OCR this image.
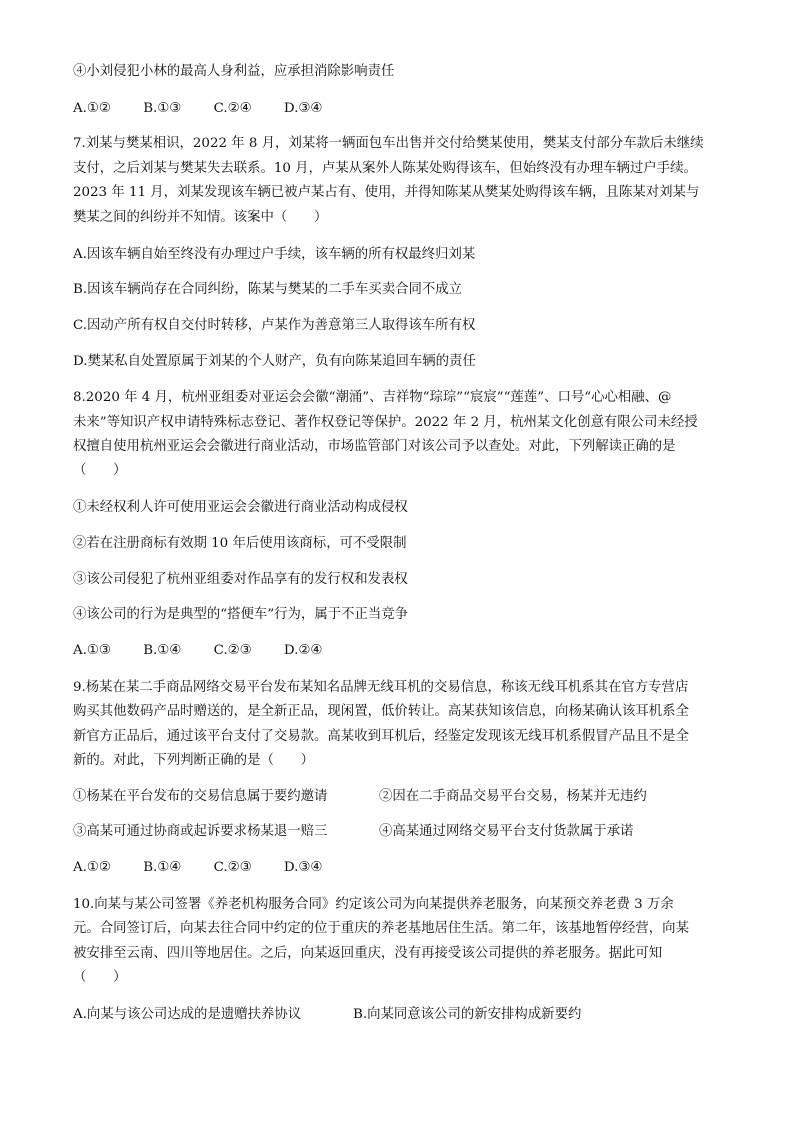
④小刘侵犯小林的最高人身利益，应承担消除影响责任
A.①② B.①③ C.②④ D.③④
7.刘某与樊某相识，2022 年 8 月，刘某将一辆面包车出售并交付给樊某使用，樊某支付部分车款后未继续
支付，之后刘某与樊某失去联系。10 月，卢某从案外人陈某处购得该车，但始终没有办理车辆过户手续。
2023 年 11 月，刘某发现该车辆已被卢某占有、使用，并得知陈某从樊某处购得该车辆，且陈某对刘某与
樊某之间的纠纷并不知情。该案中（　　）
A.因该车辆自始至终没有办理过户手续，该车辆的所有权最终归刘某
B.因该车辆尚存在合同纠纷，陈某与樊某的二手车买卖合同不成立
C.因动产所有权自交付时转移，卢某作为善意第三人取得该车所有权
D.樊某私自处置原属于刘某的个人财产，负有向陈某追回车辆的责任
8.2020 年 4 月，杭州亚组委对亚运会会徽“潮涌”、吉祥物“琮琮”“宸宸”“莲莲”、口号“心心相融、@
未来”等知识产权申请特殊标志登记、著作权登记等保护。2022 年 2 月，杭州某文化创意有限公司未经授
权擅自使用杭州亚运会会徽进行商业活动，市场监管部门对该公司予以查处。对此，下列解读正确的是
（　　）
①未经权利人许可使用亚运会会徽进行商业活动构成侵权
②若在注册商标有效期 10 年后使用该商标，可不受限制
③该公司侵犯了杭州亚组委对作品享有的发行权和发表权
④该公司的行为是典型的“搭便车”行为，属于不正当竞争
A.①③ B.①④ C.②③ D.②④
9.杨某在某二手商品网络交易平台发布某知名品牌无线耳机的交易信息，称该无线耳机系其在官方专营店
购买其他数码产品时赠送的，是全新正品，现闲置，低价转让。高某获知该信息，向杨某确认该耳机系全
新官方正品后，通过该平台支付了交易款。高某收到耳机后，经鉴定发现该无线耳机系假冒产品且不是全
新的。对此，下列判断正确的是（　　）
①杨某在平台发布的交易信息属于要约邀请	②因在二手商品交易平台交易，杨某并无违约
③高某可通过协商或起诉要求杨某退一赔三	④高某通过网络交易平台支付货款属于承诺
A.①② B.①④ C.②③ D.③④
10.向某与某公司签署《养老机构服务合同》约定该公司为向某提供养老服务，向某预交养老费 3 万余
元。合同签订后，向某去往合同中约定的位于重庆的养老基地居住生活。第二年，该基地暂停经营，向某
被安排至云南、四川等地居住。之后，向某返回重庆，没有再接受该公司提供的养老服务。据此可知
（　　）
A.向某与该公司达成的是遗赠扶养协议	B.向某同意该公司的新安排构成新要约
